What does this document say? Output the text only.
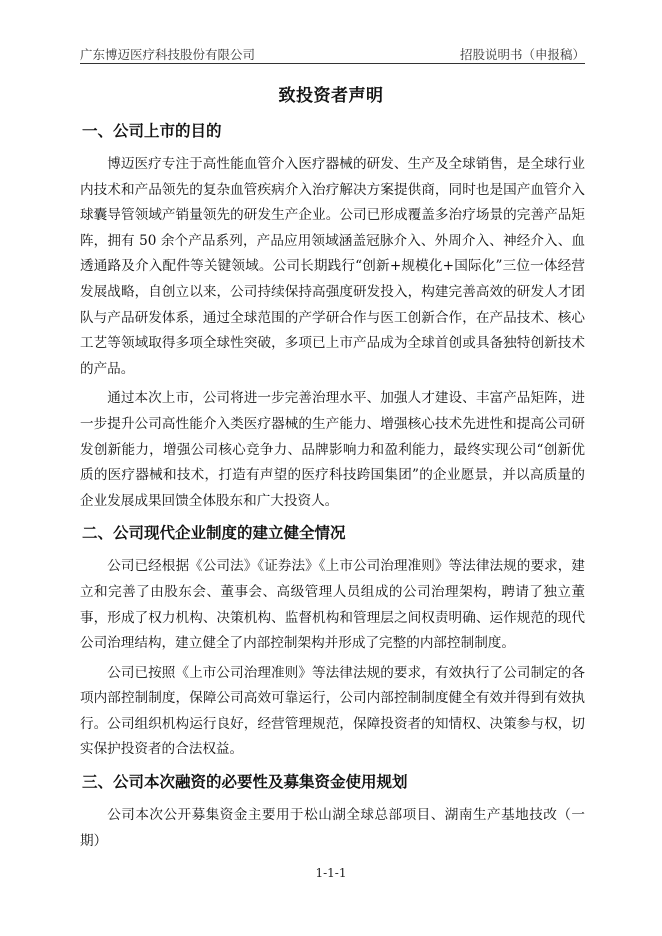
广东博迈医疗科技股份有限公司	招股说明书（申报稿）
致投资者声明
一、公司上市的目的

博迈医疗专注于高性能血管介入医疗器械的研发、生产及全球销售，是全球行业内技术和产品领先的复杂血管疾病介入治疗解决方案提供商，同时也是国产血管介入球囊导管领域产销量领先的研发生产企业。公司已形成覆盖多治疗场景的完善产品矩阵，拥有 50 余个产品系列，产品应用领域涵盖冠脉介入、外周介入、神经介入、血透通路及介入配件等关键领域。公司长期践行“创新+规模化+国际化”三位一体经营发展战略，自创立以来，公司持续保持高强度研发投入，构建完善高效的研发人才团队与产品研发体系，通过全球范围的产学研合作与医工创新合作，在产品技术、核心工艺等领域取得多项全球性突破，多项已上市产品成为全球首创或具备独特创新技术的产品。

通过本次上市，公司将进一步完善治理水平、加强人才建设、丰富产品矩阵，进一步提升公司高性能介入类医疗器械的生产能力、增强核心技术先进性和提高公司研发创新能力，增强公司核心竞争力、品牌影响力和盈利能力，最终实现公司“创新优质的医疗器械和技术，打造有声望的医疗科技跨国集团”的企业愿景，并以高质量的企业发展成果回馈全体股东和广大投资人。

二、公司现代企业制度的建立健全情况

公司已经根据《公司法》《证券法》《上市公司治理准则》等法律法规的要求，建立和完善了由股东会、董事会、高级管理人员组成的公司治理架构，聘请了独立董事，形成了权力机构、决策机构、监督机构和管理层之间权责明确、运作规范的现代公司治理结构，建立健全了内部控制架构并形成了完整的内部控制制度。

公司已按照《上市公司治理准则》等法律法规的要求，有效执行了公司制定的各项内部控制制度，保障公司高效可靠运行，公司内部控制制度健全有效并得到有效执行。公司组织机构运行良好，经营管理规范，保障投资者的知情权、决策参与权，切实保护投资者的合法权益。

三、公司本次融资的必要性及募集资金使用规划

公司本次公开募集资金主要用于松山湖全球总部项目、湖南生产基地技改（一期）

1-1-1
